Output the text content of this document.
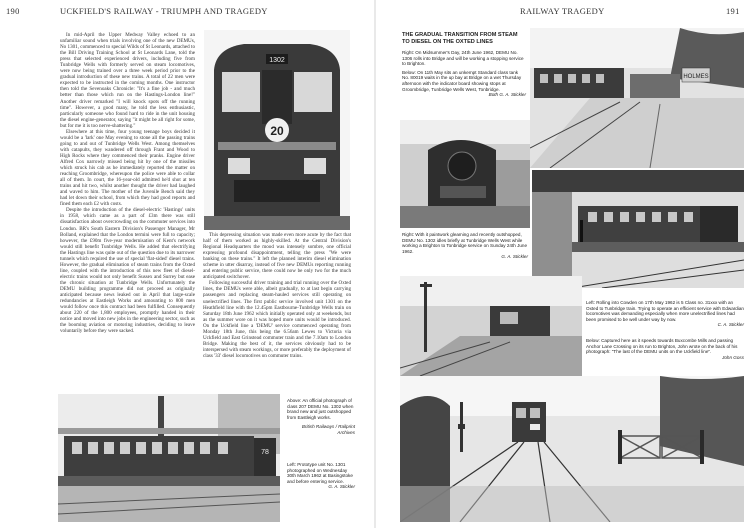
190	UCKFIELD'S RAILWAY - TRIUMPH AND TRAGEDY

In mid-April the Upper Medway Valley echoed to an unfamiliar sound when trials involving one of the new DEMUs, No 1301, commenced to special Wilds of St Leonards, attached to the Bill Driving Training School at St Leonards Lane, told the press that selected experienced drivers, including five from Tunbridge Wells with formerly served on steam locomotives, were now being trained over a three week period prior to the gradual introduction of these new trains. A total of 22 men were expected to be instructed in the coming months. One instructor then told the Sevenoaks Chronicle: "It's a fine job - and much better than those which run on the Hastings-London line!" Another driver remarked "I will knock spots off the running time". However, a good many, he told the less enthusiastic, particularly someone who found hard to ride in the unit housing the diesel engine-generator, saying "it might be all right for some, but for me it is too nerve-shattering."

Elsewhere at this time, four young teenage boys decided it would be a 'lark' one May evening to stone all the passing trains going to and out of Tunbridge Wells West. Among themselves with catapults, they wandered off through Frant and Wood to High Rocks where they commenced their pranks. Engine driver Alfred Cox narrowly missed being hit by one of the missiles which struck his cab as he immediately reported the matter on reaching Groombridge, whereupon the police were able to collar all of them. In court, the 16-year-old admitted he'd shot at ten trains and hit two, whilst another thought the driver had laughed and waved to him. The mother of the Juvenile Bench said they had let down their school, from which they had good reports and fined them each £2 with costs.

Despite the introduction of the diesel-electric 'Hastings' units in 1958, which came as a part of £3m there was still dissatisfaction about overcrowding on the commuter services into London. BR's South Eastern Division's Passenger Manager, Mr Bolland, explained that the London termini were full to capacity; however, the £90m five-year modernisation of Kent's network would still benefit Tunbridge Wells. He added that electrifying the Hastings line was quite out of the question due to its narrower tunnels which required the use of special 'flat-sided' diesel trains. However, the gradual elimination of steam trains from the Oxted line, coupled with the introduction of this new fleet of diesel-electric trains would not only benefit Sussex and Surrey but ease the chronic situation at Tunbridge Wells. Unfortunately the DEMU building programme did not proceed as originally anticipated because news leaked out in April that large-scale redundancies at Eastleigh Works and amounting to 800 men would follow once this contract had been fulfilled. Consequently about 220 of the 1,800 employees, promptly handed in their notice and moved into new jobs in the engineering sector, such as the booming aviation or motoring industries, deciding to leave voluntarily before they were sacked.

1302
20

This depressing situation was made even more acute by the fact that half of them worked as highly-skilled. At the Central Division's Regional Headquarters the mood was intensely sombre, one official expressing profound disappointment, telling the press "We were banking on these trains." It left the planned interim diesel elimination scheme in utter disarray, instead of five new DEMUs reporting running and entering public service, there could now be only two for the much anticipated switchover.

Following successful driver training and trial running over the Oxted lines, the DEMUs were able, albeit gradually, to at last begin carrying passengers and replacing steam-hauled services still operating on unelectrified lines. The first public service involved unit 1301 on the Heathfield line with the 12.45pm Eastbourne-Tunbridge Wells train on Saturday 18th June 1962 which initially operated only at weekends, but as the summer wore on it was hoped more units would be introduced. On the Uckfield line a 'DEMU' service commenced operating from Monday 18th June, this being the 6.56am Lewes to Victoria via Uckfield and East Grinstead commuter train and the 7.10am to London Bridge. Making the best of it, the services obviously had to be interspersed with steam workings, or more preferably the deployment of class '33' diesel locomotives on commuter trains.

78
Above: An official photograph of class 207 DEMU No. 1302 when brand new and just outshopped from Eastleigh works.
British Railways / Railprint Archives
Left: Prototype unit No. 1301 photographed on Wednesday 30th March 1962 at Basingstoke and before entering service.
G. A. Stickler
RAILWAY TRAGEDY	191
THE GRADUAL TRANSITION FROM STEAM TO DIESEL ON THE OXTED LINES
Right: On Midsummer's Day, 24th June 1962, DEMU No. 1306 rolls into Bridge and will be working a stopping service to Brighton.
Below: On 11th May sits an unkempt Standard class tank No. 80019 waits in the up bay at Bridge on a wet Thursday afternoon with the indicator board showing stops at Groombridge, Tunbridge Wells West, Tonbridge.
Both G. A. Stickler
HOLMES
Right: With it paintwork gleaming and recently outshopped, DEMU No. 1302 idles briefly at Tunbridge Wells West while working a Brighton to Tonbridge service on Sunday 24th June 1962.
G. A. Stickler
Left: Rolling into Cowden on 17th May 1962 is 5 Class no. 31xxx with an Oxted to Tunbridge train. Trying to operate an efficient service with Edwardian locomotives was demanding especially when more unelectrified lines had been promised to be well under way by now.
C. A. Stickler
Below: Captured here as it speeds towards Buxcombe Mills and passing Anchor Lane Crossing on its run to Brighton, John wrote on the back of his photograph: "The last of the DEMU units on the Uckfield line".
John Goss
